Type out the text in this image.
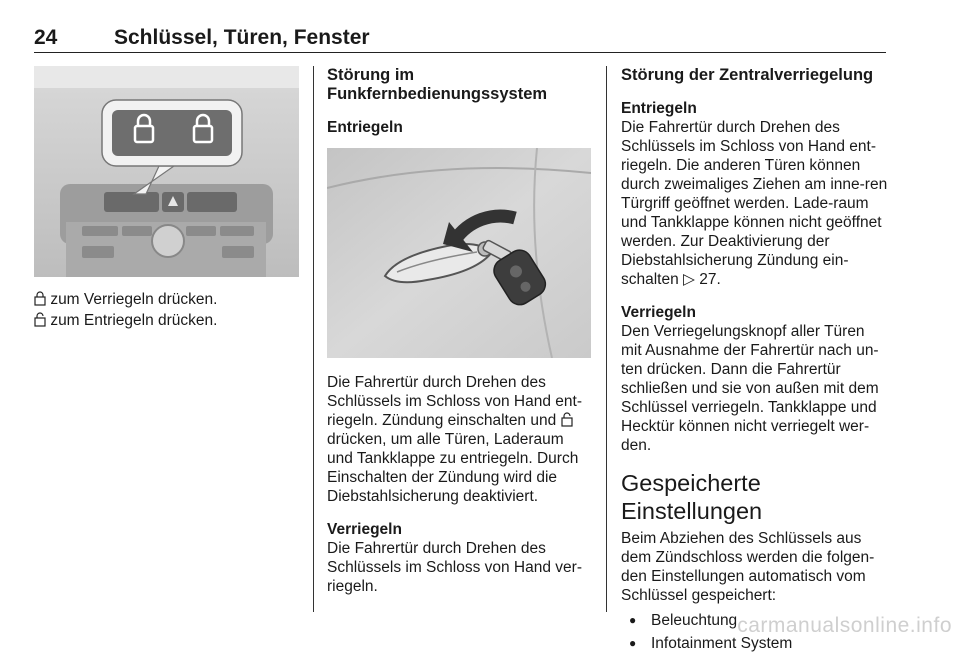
24	Schlüssel, Türen, Fenster

zum Verriegeln drücken.

zum Entriegeln drücken.

Störung im Funkfernbedienungssystem
Entriegeln

Die Fahrertür durch Drehen des Schlüssels im Schloss von Hand ent-riegeln. Zündung einschalten und  drücken, um alle Türen, Laderaum und Tankklappe zu entriegeln. Durch Einschalten der Zündung wird die Diebstahlsicherung deaktiviert.

Verriegeln
Die Fahrertür durch Drehen des Schlüssels im Schloss von Hand ver-riegeln.

Störung der Zentralverriegelung

Entriegeln
Die Fahrertür durch Drehen des Schlüssels im Schloss von Hand ent-riegeln. Die anderen Türen können durch zweimaliges Ziehen am inne-ren Türgriff geöffnet werden. Lade-raum und Tankklappe können nicht geöffnet werden. Zur Deaktivierung der Diebstahlsicherung Zündung ein-schalten ▷ 27.

Verriegeln
Den Verriegelungsknopf aller Türen mit Ausnahme der Fahrertür nach un-ten drücken. Dann die Fahrertür schließen und sie von außen mit dem Schlüssel verriegeln. Tankklappe und Hecktür können nicht verriegelt wer-den.

Gespeicherte Einstellungen
Beim Abziehen des Schlüssels aus dem Zündschloss werden die folgen-den Einstellungen automatisch vom Schlüssel gespeichert:
● Beleuchtung
● Infotainment System
carmanualsonline.info
